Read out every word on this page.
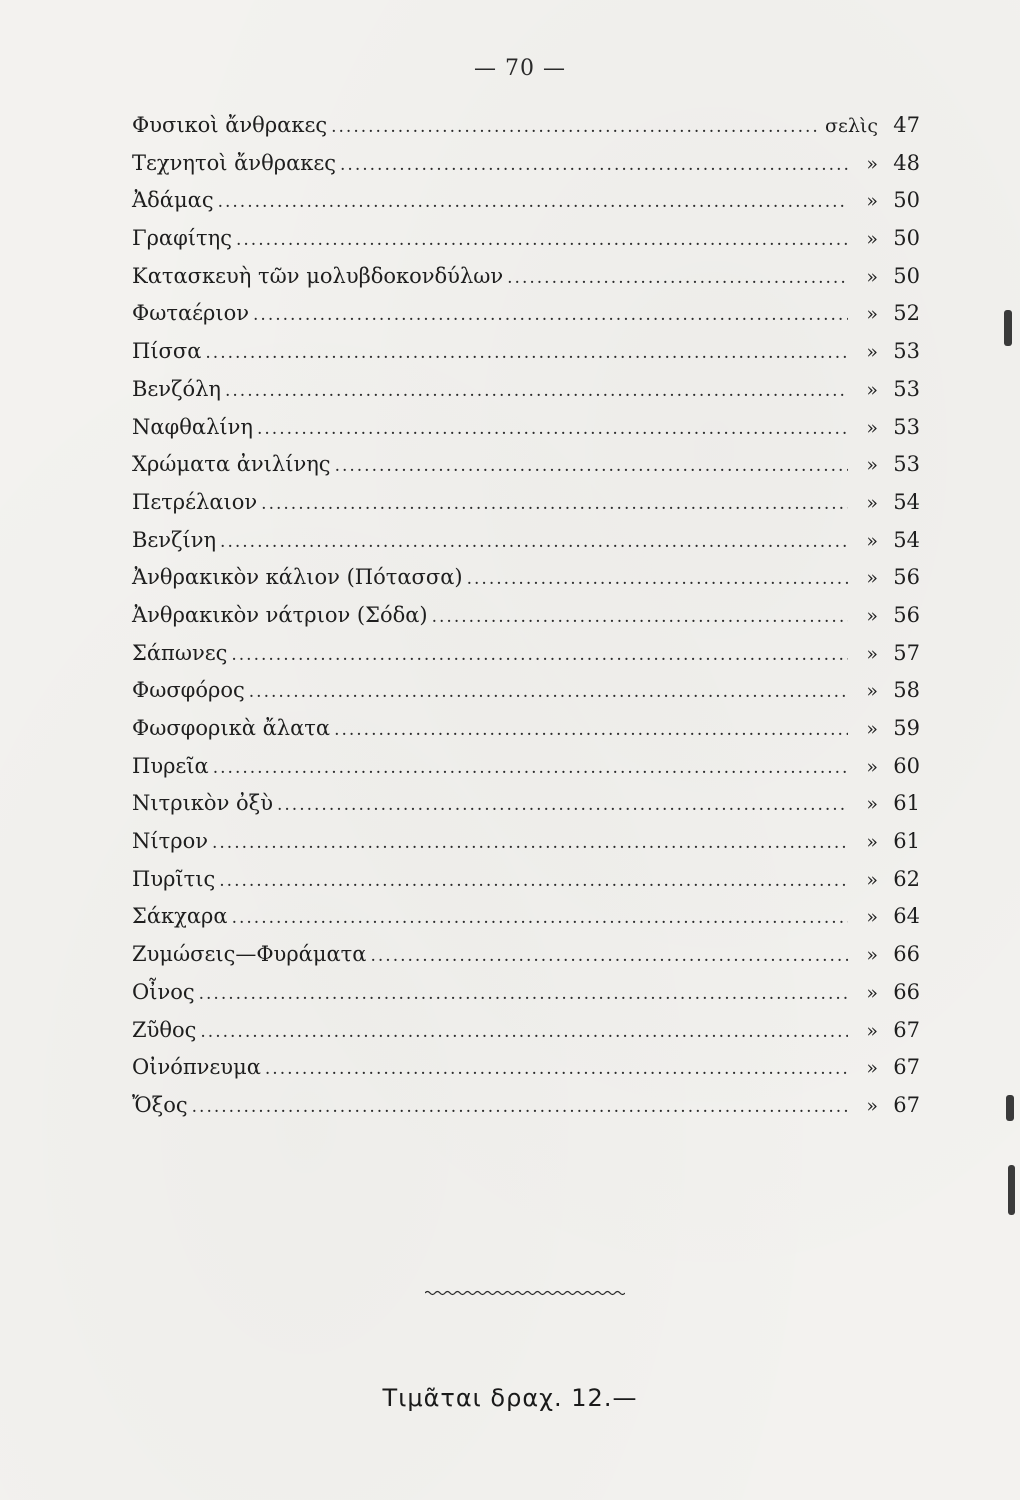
— 70 —
Φυσικοὶ ἄνθρακες .....	σελὶς 47
Τεχνητοὶ ἄνθρακες .....	» 48
Ἀδάμας .....	» 50
Γραφίτης .....	» 50
Κατασκευὴ τῶν μολυβδοκονδύλων .....	» 50
Φωταέριον .....	» 52
Πίσσα .....	» 53
Βενζόλη .....	» 53
Ναφθαλίνη .....	» 53
Χρώματα ἀνιλίνης .....	» 53
Πετρέλαιον .....	» 54
Βενζίνη .....	» 54
Ἀνθρακικὸν κάλιον (Πότασσα) .....	» 56
Ἀνθρακικὸν νάτριον (Σόδα) .....	» 56
Σάπωνες .....	» 57
Φωσφόρος .....	» 58
Φωσφορικὰ ἄλατα .....	» 59
Πυρεῖα .....	» 60
Νιτρικὸν ὀξὺ .....	» 61
Νίτρον .....	» 61
Πυρῖτις .....	» 62
Σάκχαρα .....	» 64
Ζυμώσεις—Φυράματα .....	» 66
Οἶνος .....	» 66
Ζῦθος .....	» 67
Οἰνόπνευμα .....	» 67
Ὄξος .....	» 67
Τιμᾶται δραχ. 12.—
